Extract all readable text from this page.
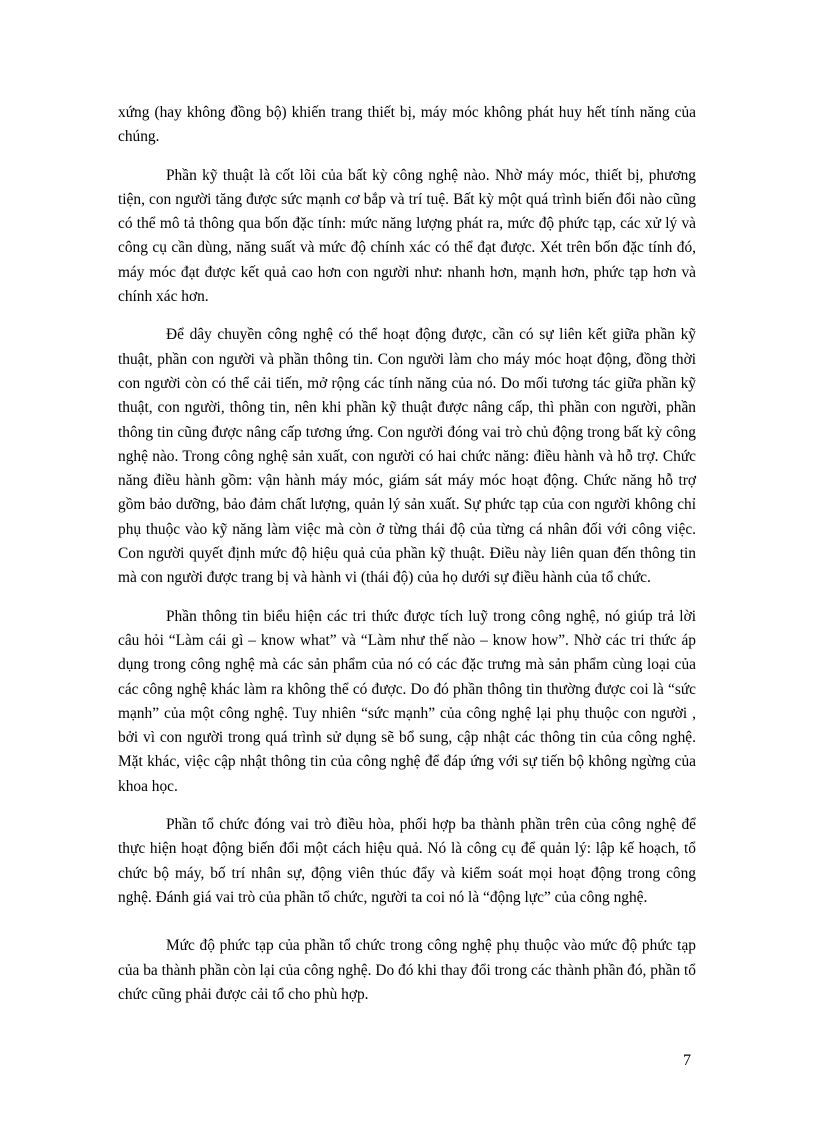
xứng (hay không đồng bộ) khiến trang thiết bị, máy móc không phát huy hết tính năng của chúng.

Phần kỹ thuật là cốt lõi của bất kỳ công nghệ nào. Nhờ máy móc, thiết bị, phương tiện, con người tăng được sức mạnh cơ bắp và trí tuệ. Bất kỳ một quá trình biến đổi nào cũng có thể mô tả thông qua bốn đặc tính: mức năng lượng phát ra, mức độ phức tạp, các xử lý và công cụ cần dùng, năng suất và mức độ chính xác có thể đạt được. Xét trên bốn đặc tính đó, máy móc đạt được kết quả cao hơn con người như: nhanh hơn, mạnh hơn, phức tạp hơn và chính xác hơn.

Để dây chuyền công nghệ có thể hoạt động được, cần có sự liên kết giữa phần kỹ thuật, phần con người và phần thông tin. Con người làm cho máy móc hoạt động, đồng thời con người còn có thể cải tiến, mở rộng các tính năng của nó. Do mối tương tác giữa phần kỹ thuật, con người, thông tin, nên khi phần kỹ thuật được nâng cấp, thì phần con người, phần thông tin cũng được nâng cấp tương ứng. Con người đóng vai trò chủ động trong bất kỳ công nghệ nào. Trong công nghệ sản xuất, con người có hai chức năng: điều hành và hỗ trợ. Chức năng điều hành gồm: vận hành máy móc, giám sát máy móc hoạt động. Chức năng hỗ trợ gồm bảo dưỡng, bảo đảm chất lượng, quản lý sản xuất. Sự phức tạp của con người không chỉ phụ thuộc vào kỹ năng làm việc mà còn ở từng thái độ của từng cá nhân đối với công việc. Con người quyết định mức độ hiệu quả của phần kỹ thuật. Điều này liên quan đến thông tin mà con người được trang bị và hành vi (thái độ) của họ dưới sự điều hành của tổ chức.

Phần thông tin biểu hiện các tri thức được tích luỹ trong công nghệ, nó giúp trả lời câu hỏi “Làm cái gì – know what” và “Làm như thế nào – know how”. Nhờ các tri thức áp dụng trong công nghệ mà các sản phẩm của nó có các đặc trưng mà sản phẩm cùng loại của các công nghệ khác làm ra không thể có được. Do đó phần thông tin thường được coi là “sức mạnh” của một công nghệ. Tuy nhiên “sức mạnh” của công nghệ lại phụ thuộc con người , bởi vì con người trong quá trình sử dụng sẽ bổ sung, cập nhật các thông tin của công nghệ. Mặt khác, việc cập nhật thông tin của công nghệ để đáp ứng với sự tiến bộ không ngừng của khoa học.

Phần tổ chức đóng vai trò điều hòa, phối hợp ba thành phần trên của công nghệ để thực hiện hoạt động biến đổi một cách hiệu quả. Nó là công cụ để quản lý: lập kế hoạch, tổ chức bộ máy, bố trí nhân sự, động viên thúc đẩy và kiểm soát mọi hoạt động trong công nghệ. Đánh giá vai trò của phần tổ chức, người ta coi nó là “động lực” của công nghệ.

Mức độ phức tạp của phần tổ chức trong công nghệ phụ thuộc vào mức độ phức tạp của ba thành phần còn lại của công nghệ. Do đó khi thay đổi trong các thành phần đó, phần tổ chức cũng phải được cải tổ cho phù hợp.

7
